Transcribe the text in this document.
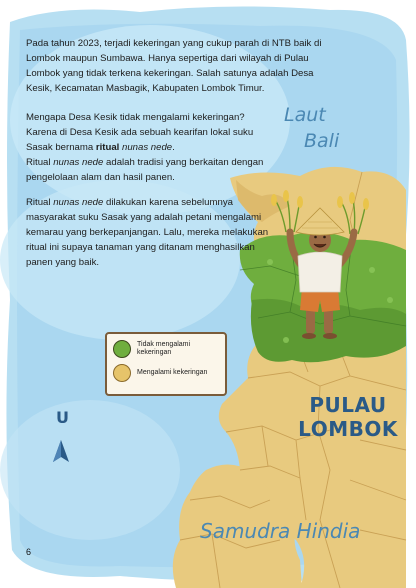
Pada tahun 2023, terjadi kekeringan yang cukup parah di NTB baik di Lombok maupun Sumbawa. Hanya sepertiga dari wilayah di Pulau Lombok yang tidak terkena kekeringan. Salah satunya adalah Desa Kesik, Kecamatan Masbagik, Kabupaten Lombok Timur.

Mengapa Desa Kesik tidak mengalami kekeringan? Karena di Desa Kesik ada sebuah kearifan lokal suku Sasak bernama ritual nunas nede.

Ritual nunas nede adalah tradisi yang berkaitan dengan pengelolaan alam dan hasil panen.

Ritual nunas nede dilakukan karena sebelumnya masyarakat suku Sasak yang adalah petani mengalami kemarau yang berkepanjangan. Lalu, mereka melakukan ritual ini supaya tanaman yang ditanam menghasilkan panen yang baik.

Laut
Bali
Samudra Hindia
PULAU
LOMBOK
Tidak mengalami kekeringan
Mengalami kekeringan
U
6
